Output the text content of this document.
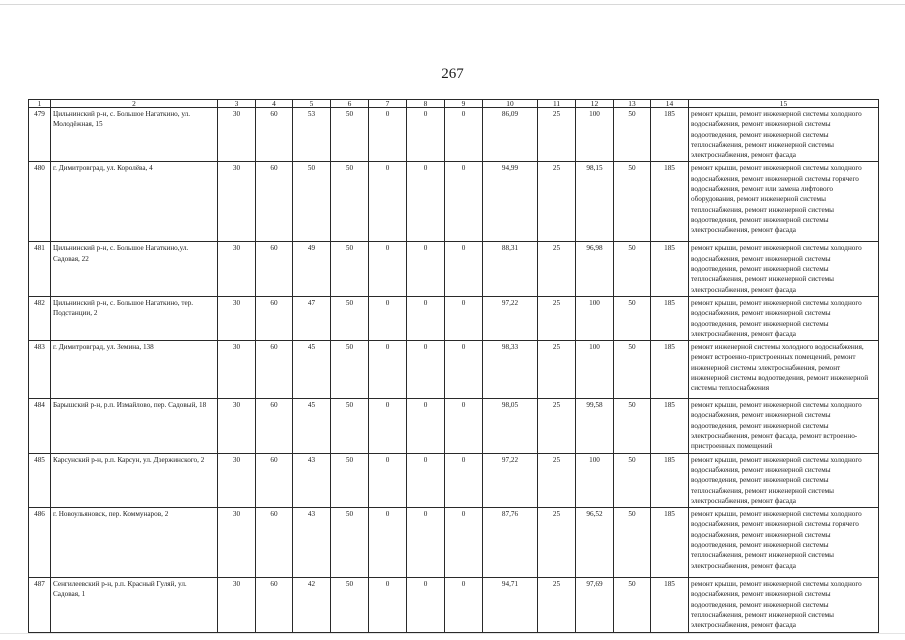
267
1	2	3	4	5	6	7	8	9	10	11	12	13	14	15
479	Цильнинский р-н, с. Большое Нагаткино, ул. Молодёжная, 15	30	60	53	50	0	0	0	86,09	25	100	50	185	ремонт крыши, ремонт инженерной системы холодного водоснабжения, ремонт инженерной системы водоотведения, ремонт инженерной системы теплоснабжения, ремонт инженерной системы электроснабжения, ремонт фасада
480	г. Димитровград, ул. Королёва, 4	30	60	50	50	0	0	0	94,99	25	98,15	50	185	ремонт крыши, ремонт инженерной системы холодного водоснабжения, ремонт инженерной системы горячего водоснабжения, ремонт или замена лифтового оборудования, ремонт инженерной системы теплоснабжения, ремонт инженерной системы водоотведения, ремонт инженерной системы электроснабжения, ремонт фасада
481	Цильнинский р-н, с. Большое Нагаткино,ул. Садовая, 22	30	60	49	50	0	0	0	88,31	25	96,98	50	185	ремонт крыши, ремонт инженерной системы холодного водоснабжения, ремонт инженерной системы водоотведения, ремонт инженерной системы теплоснабжения, ремонт инженерной системы электроснабжения, ремонт фасада
482	Цильнинский р-н, с. Большое Нагаткино, тер. Подстанции, 2	30	60	47	50	0	0	0	97,22	25	100	50	185	ремонт крыши, ремонт инженерной системы холодного водоснабжения, ремонт инженерной системы водоотведения, ремонт инженерной системы электроснабжения, ремонт фасада
483	г. Димитровград, ул. Земина, 138	30	60	45	50	0	0	0	98,33	25	100	50	185	ремонт инженерной системы холодного водоснабжения, ремонт встроенно-пристроенных помещений, ремонт инженерной системы электроснабжения, ремонт инженерной системы водоотведения, ремонт инженерной системы теплоснабжения
484	Барышский р-н, р.п. Измайлово, пер. Садовый, 18	30	60	45	50	0	0	0	98,05	25	99,58	50	185	ремонт крыши, ремонт инженерной системы холодного водоснабжения, ремонт инженерной системы водоотведения, ремонт инженерной системы электроснабжения, ремонт фасада, ремонт встроенно-пристроенных помещений
485	Карсунский р-н, р.п. Карсун, ул. Дзержинского, 2	30	60	43	50	0	0	0	97,22	25	100	50	185	ремонт крыши, ремонт инженерной системы холодного водоснабжения, ремонт инженерной системы водоотведения, ремонт инженерной системы теплоснабжения, ремонт инженерной системы электроснабжения, ремонт фасада
486	г. Новоульяновск, пер. Коммунаров, 2	30	60	43	50	0	0	0	87,76	25	96,52	50	185	ремонт крыши, ремонт инженерной системы холодного водоснабжения, ремонт инженерной системы горячего водоснабжения, ремонт инженерной системы водоотведения, ремонт инженерной системы теплоснабжения, ремонт инженерной системы электроснабжения, ремонт фасада
487	Сенгилеевский р-н, р.п. Красный Гуляй, ул. Садовая, 1	30	60	42	50	0	0	0	94,71	25	97,69	50	185	ремонт крыши, ремонт инженерной системы холодного водоснабжения, ремонт инженерной системы водоотведения, ремонт инженерной системы теплоснабжения, ремонт инженерной системы электроснабжения, ремонт фасада
